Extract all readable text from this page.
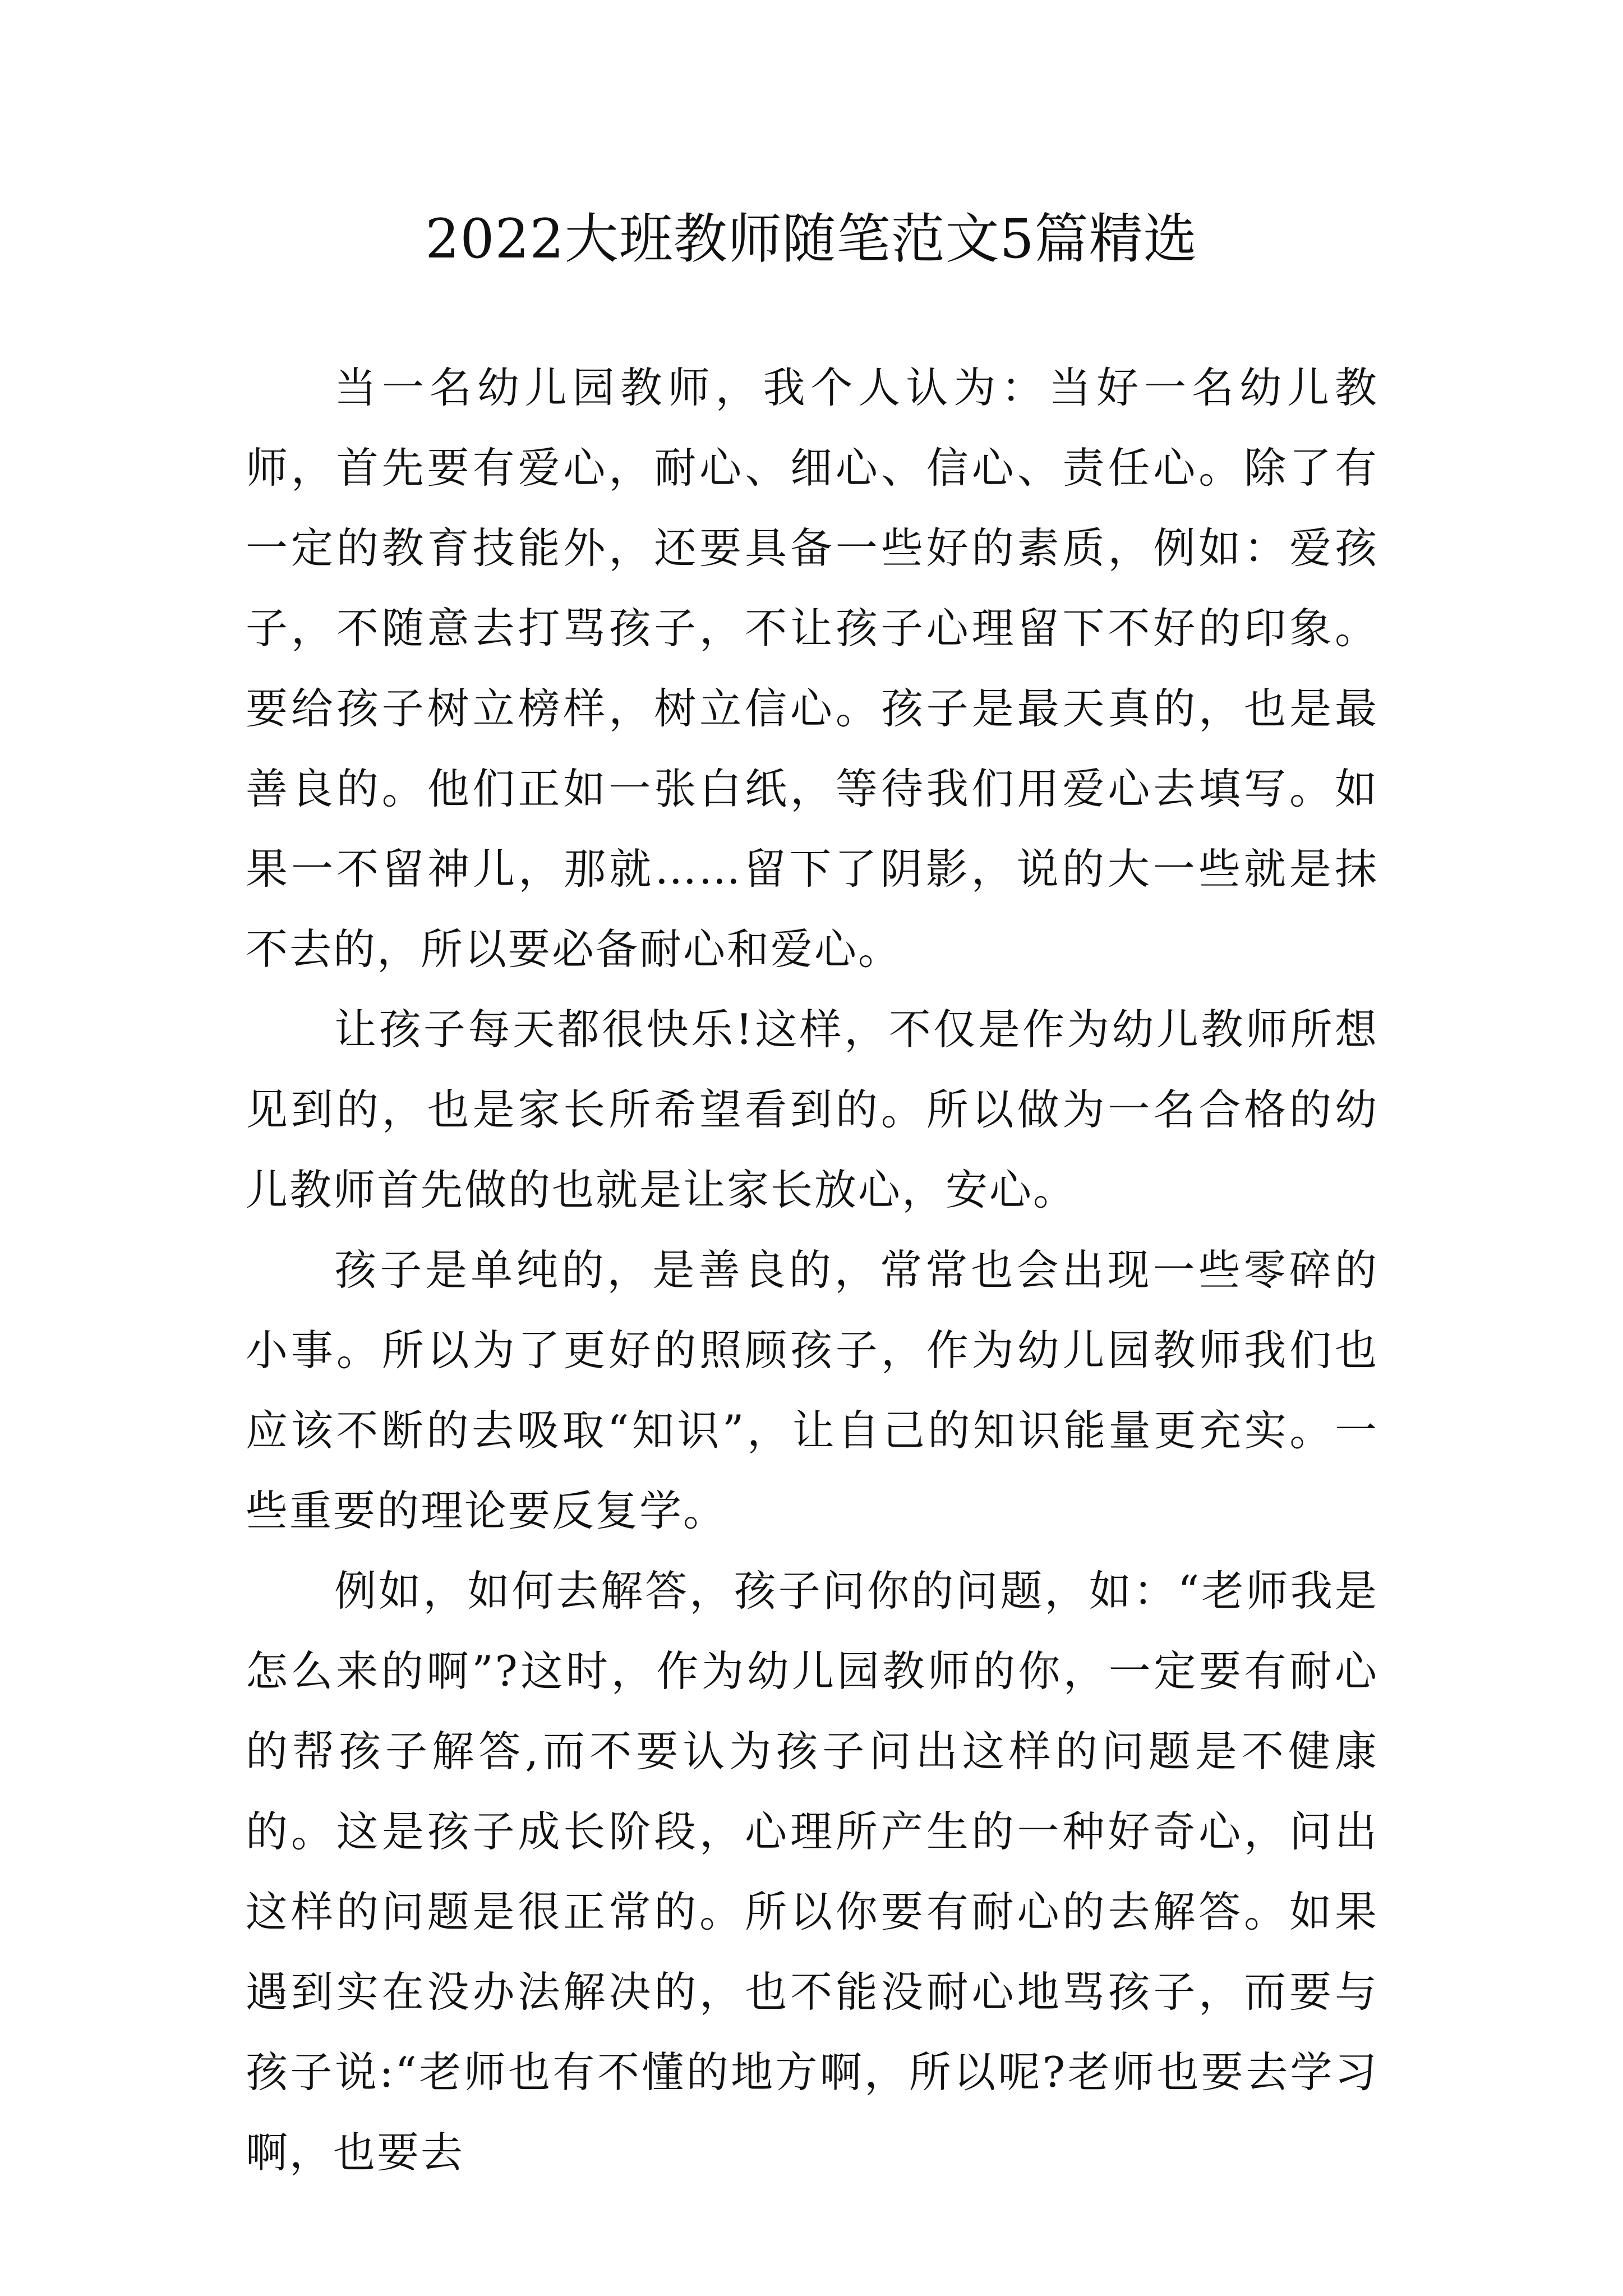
2022大班教师随笔范文5篇精选

当一名幼儿园教师，我个人认为：当好一名幼儿教师，首先要有爱心，耐心、细心、信心、责任心。除了有一定的教育技能外，还要具备一些好的素质，例如：爱孩子，不随意去打骂孩子，不让孩子心理留下不好的印象。要给孩子树立榜样，树立信心。孩子是最天真的，也是最善良的。他们正如一张白纸，等待我们用爱心去填写。如果一不留神儿，那就……留下了阴影，说的大一些就是抹不去的，所以要必备耐心和爱心。

让孩子每天都很快乐!这样，不仅是作为幼儿教师所想见到的，也是家长所希望看到的。所以做为一名合格的幼儿教师首先做的也就是让家长放心，安心。

孩子是单纯的，是善良的，常常也会出现一些零碎的小事。所以为了更好的照顾孩子，作为幼儿园教师我们也应该不断的去吸取“知识”，让自己的知识能量更充实。一些重要的理论要反复学。

例如，如何去解答，孩子问你的问题，如：“老师我是怎么来的啊”?这时，作为幼儿园教师的你，一定要有耐心的帮孩子解答,而不要认为孩子问出这样的问题是不健康的。这是孩子成长阶段，心理所产生的一种好奇心，问出这样的问题是很正常的。所以你要有耐心的去解答。如果遇到实在没办法解决的，也不能没耐心地骂孩子，而要与孩子说:“老师也有不懂的地方啊，所以呢?老师也要去学习啊，也要去
